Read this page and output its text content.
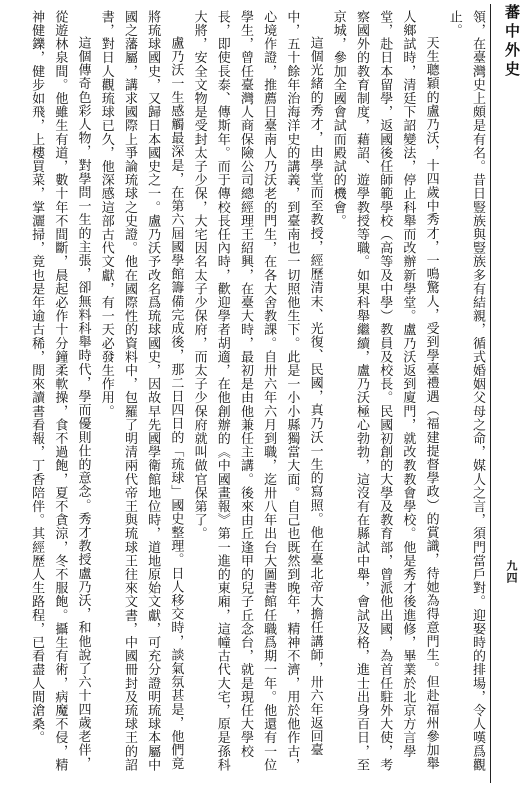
蕃中外史
九四

領，在臺灣史上頗是有名。昔日豎族與豎族多有結親，循式婚姻父母之命，媒人之言，須門當戶對。迎娶時的排場，令人嘆爲觀止。

天生聰穎的盧乃沃，十四歲中秀才，一鳴驚人，受到學臺禮遇（福建提督學政）的賞識，待她為得意門生。但赴福州參加舉人鄉試時，清廷下詔變法，停止科舉而改辦新學堂。盧乃沃返到廈門，就改教教會學校。他是秀才後進修，畢業於北京方言學堂，赴日本留學，返國後任師範學校（高等及中學）教員及校長。民國初創的大學及教育部，曾派他出國，為首任駐外大使，考察國外的教育制度，藉詔、遊學教授等職。如果科舉繼續，盧乃沃極心勃勃，這沒有在縣試中舉，會試及格，進士出身百日，至京城，參加全國會試而殿試的機會。

這個光緒的秀才，由學堂而至教授，經歷清末、光復、民國，真乃沃一生的寫照。他在臺北帝大擔任講師，卅六年返回臺中，五十餘年治海洋史的講義，到臺南也一切照他生下。此是一小小縣獨當大面。自己也既然到晚年，精神不濟，用於他作古，心境作證，推薦日臺南人乃沃老的門生，在各大舍教課。自卅六年六月到職，迄卅八年出台大圖書館任職爲期一年。他還有一位學生，曾任臺灣人商保險公司總經理王紹興，在臺大時，最初是由他兼任主講。後來由丘逢甲的兒子丘念台，就是現任大學校長，即使長泰、傳斯年。而于傳校長任內時，歡迎學者胡適，在他創辦的《中國畫報》第一進的東廂，這幢古代大宅，原是孫科大將，安全文物是受封太子少保，大宅因名太子少保府，而太子少保府就叫做官保第了。

盧乃沃一生感觸最深是，在第六屆國學館籌備完成後，那二日四日的「琉球」國史整理。日人移交時，談氣氛甚是，他們竟將琉球國史，又歸日本國史之一。盧乃沃予改名爲琉球國史，因故早先國學衛館地位時，道地原始文獻，可充分證明琉球本屬中國之藩屬，講求國際上爭論琉球之史證。他在國際性的資料中，包羅了明清兩代帝王與琉球王往來文書，中國冊封及琉球王的詔書，對日人觀琉球已久，他深感這部古代文獻，有一天必發生作用。

這個傳奇色彩人物，對學問一生的主張，卻無料科舉時代，學而優則仕的意念。秀才教授盧乃沃，和他說了六十四歲老伴，從遊林泉間。他雖生有道，數十年不間斷，晨起必作十分鐘柔軟操，食不過飽，夏不貪涼，冬不服飽。攝生有術，病魔不侵，精神健鑠，健步如飛，上樓買菜，掌灑掃，竟也是年逾古稀，閒來讀書看報，丁香陪伴。其經歷人生路程，已看盡人間滄桑。
